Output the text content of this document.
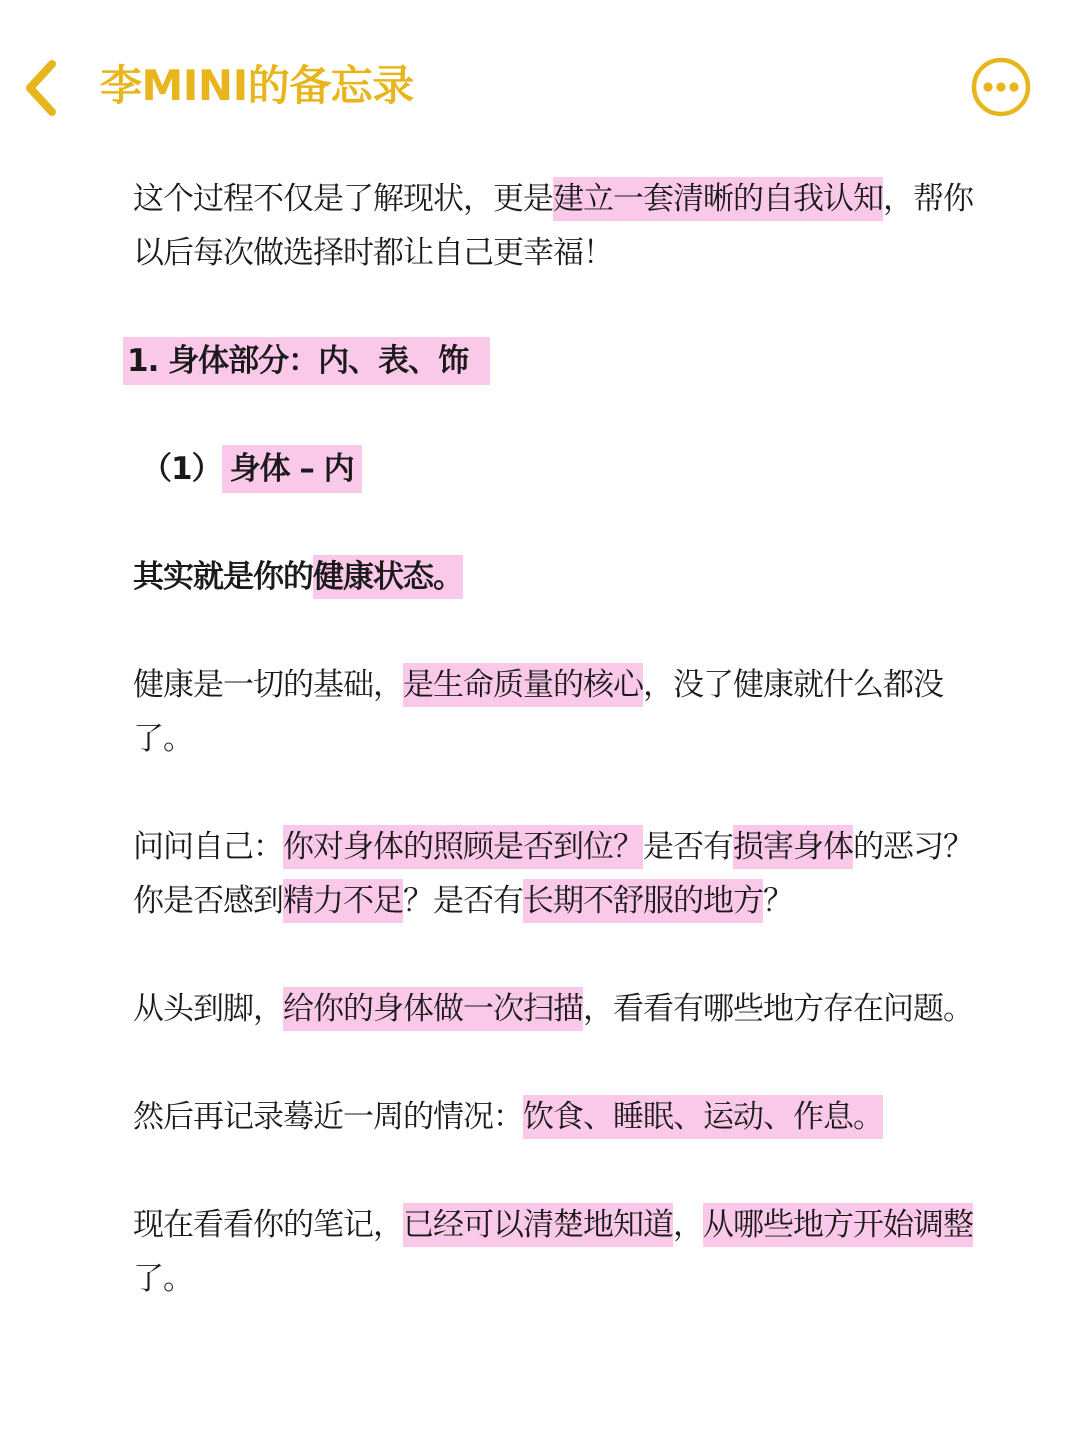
李MINI的备忘录

这个过程不仅是了解现状，更是建立一套清晰的自我认知，帮你以后每次做选择时都让自己更幸福！

1. 身体部分：内、表、饰

（1） 身体 – 内

其实就是你的健康状态。

健康是一切的基础，是生命质量的核心，没了健康就什么都没了。

问问自己：你对身体的照顾是否到位？是否有损害身体的恶习？你是否感到精力不足？是否有长期不舒服的地方？

从头到脚，给你的身体做一次扫描，看看有哪些地方存在问题。

然后再记录蓦近一周的情况：饮食、睡眠、运动、作息。

现在看看你的笔记，已经可以清楚地知道，从哪些地方开始调整了。
